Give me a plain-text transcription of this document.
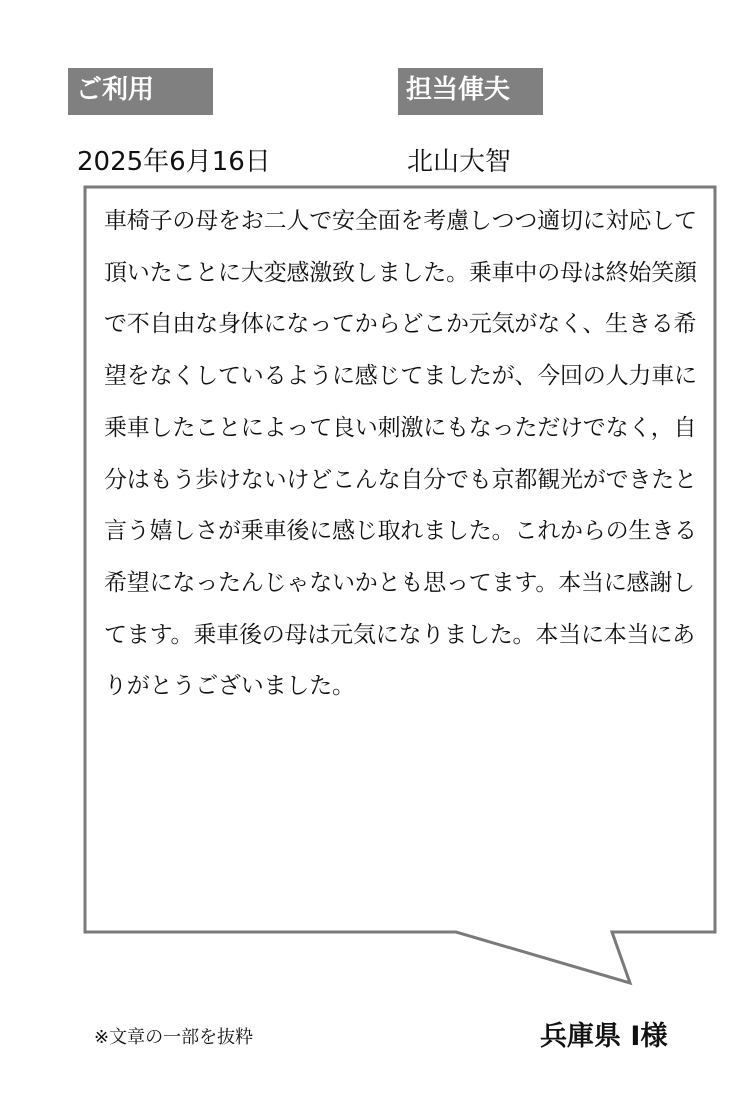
ご利用	担当俥夫
2025年6月16日	北山大智

車椅子の母をお二人で安全面を考慮しつつ適切に対応して頂いたことに大変感激致しました。乗車中の母は終始笑顔で不自由な身体になってからどこか元気がなく、生きる希望をなくしているように感じてましたが、今回の人力車に乗車したことによって良い刺激にもなっただけでなく，自分はもう歩けないけどこんな自分でも京都観光ができたと言う嬉しさが乗車後に感じ取れました。これからの生きる希望になったんじゃないかとも思ってます。本当に感謝してます。乗車後の母は元気になりました。本当に本当にありがとうございました。

※文章の一部を抜粋	兵庫県 I様
